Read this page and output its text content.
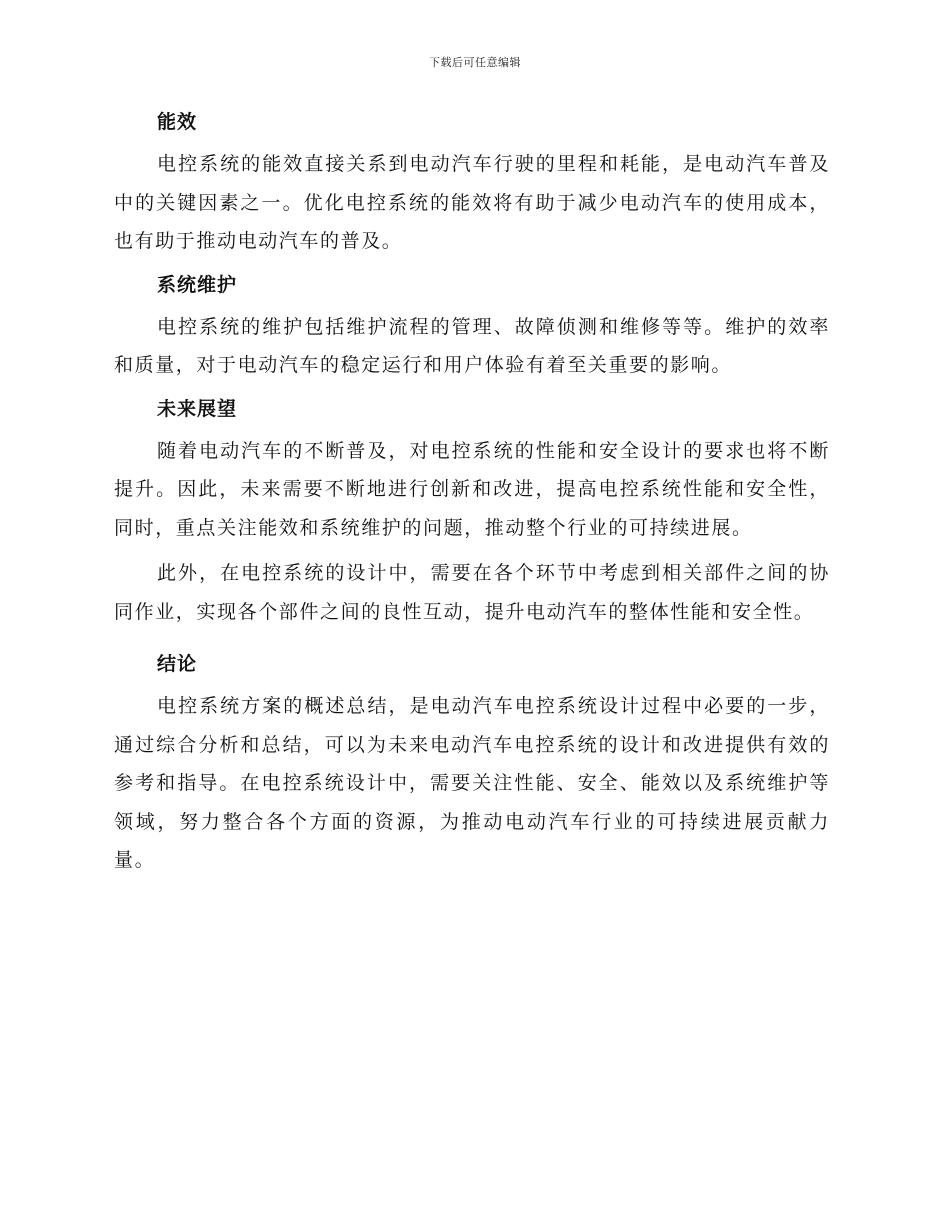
下载后可任意编辑
能效

电控系统的能效直接关系到电动汽车行驶的里程和耗能，是电动汽车普及中的关键因素之一。优化电控系统的能效将有助于减少电动汽车的使用成本，也有助于推动电动汽车的普及。

系统维护

电控系统的维护包括维护流程的管理、故障侦测和维修等等。维护的效率和质量，对于电动汽车的稳定运行和用户体验有着至关重要的影响。

未来展望

随着电动汽车的不断普及，对电控系统的性能和安全设计的要求也将不断提升。因此，未来需要不断地进行创新和改进，提高电控系统性能和安全性，同时，重点关注能效和系统维护的问题，推动整个行业的可持续进展。

此外，在电控系统的设计中，需要在各个环节中考虑到相关部件之间的协同作业，实现各个部件之间的良性互动，提升电动汽车的整体性能和安全性。

结论

电控系统方案的概述总结，是电动汽车电控系统设计过程中必要的一步，通过综合分析和总结，可以为未来电动汽车电控系统的设计和改进提供有效的参考和指导。在电控系统设计中，需要关注性能、安全、能效以及系统维护等领域，努力整合各个方面的资源，为推动电动汽车行业的可持续进展贡献力量。
